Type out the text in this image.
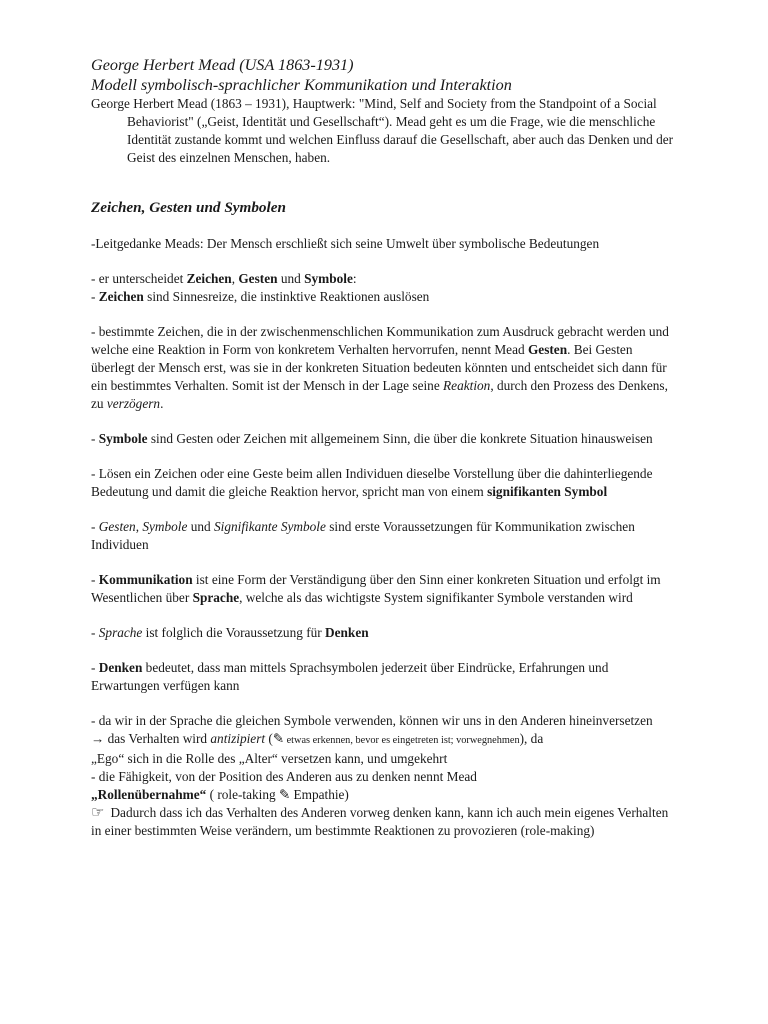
George Herbert Mead (USA 1863-1931)

Modell symbolisch-sprachlicher Kommunikation und Interaktion

George Herbert Mead (1863 – 1931), Hauptwerk: "Mind, Self and Society from the Standpoint of a Social Behaviorist" („Geist, Identität und Gesellschaft“). Mead geht es um die Frage, wie die menschliche Identität zustande kommt und welchen Einfluss darauf die Gesellschaft, aber auch das Denken und der Geist des einzelnen Menschen, haben.

Zeichen, Gesten und Symbolen

-Leitgedanke Meads: Der Mensch erschließt sich seine Umwelt über symbolische Bedeutungen

- er unterscheidet Zeichen, Gesten und Symbole:

- Zeichen sind Sinnesreize, die instinktive Reaktionen auslösen

- bestimmte Zeichen, die in der zwischenmenschlichen Kommunikation zum Ausdruck gebracht werden und welche eine Reaktion in Form von konkretem Verhalten hervorrufen, nennt Mead Gesten. Bei Gesten überlegt der Mensch erst, was sie in der konkreten Situation bedeuten könnten und entscheidet sich dann für ein bestimmtes Verhalten. Somit ist der Mensch in der Lage seine Reaktion, durch den Prozess des Denkens, zu verzögern.

- Symbole sind Gesten oder Zeichen mit allgemeinem Sinn, die über die konkrete Situation hinausweisen

- Lösen ein Zeichen oder eine Geste beim allen Individuen dieselbe Vorstellung über die dahinterliegende Bedeutung und damit die gleiche Reaktion hervor, spricht man von einem signifikanten Symbol

- Gesten, Symbole und Signifikante Symbole sind erste Voraussetzungen für Kommunikation zwischen Individuen

- Kommunikation ist eine Form der Verständigung über den Sinn einer konkreten Situation und erfolgt im Wesentlichen über Sprache, welche als das wichtigste System signifikanter Symbole verstanden wird

- Sprache ist folglich die Voraussetzung für Denken

- Denken bedeutet, dass man mittels Sprachsymbolen jederzeit über Eindrücke, Erfahrungen und Erwartungen verfügen kann

- da wir in der Sprache die gleichen Symbole verwenden, können wir uns in den Anderen hineinversetzen

→ das Verhalten wird antizipiert (✎ etwas erkennen, bevor es eingetreten ist; vorwegnehmen), da

„Ego“ sich in die Rolle des „Alter“ versetzen kann, und umgekehrt

- die Fähigkeit, von der Position des Anderen aus zu denken nennt Mead

„Rollenübernahme“ ( role-taking ✎ Empathie)

☞ Dadurch dass ich das Verhalten des Anderen vorweg denken kann, kann ich auch mein eigenes Verhalten in einer bestimmten Weise verändern, um bestimmte Reaktionen zu provozieren (role-making)
